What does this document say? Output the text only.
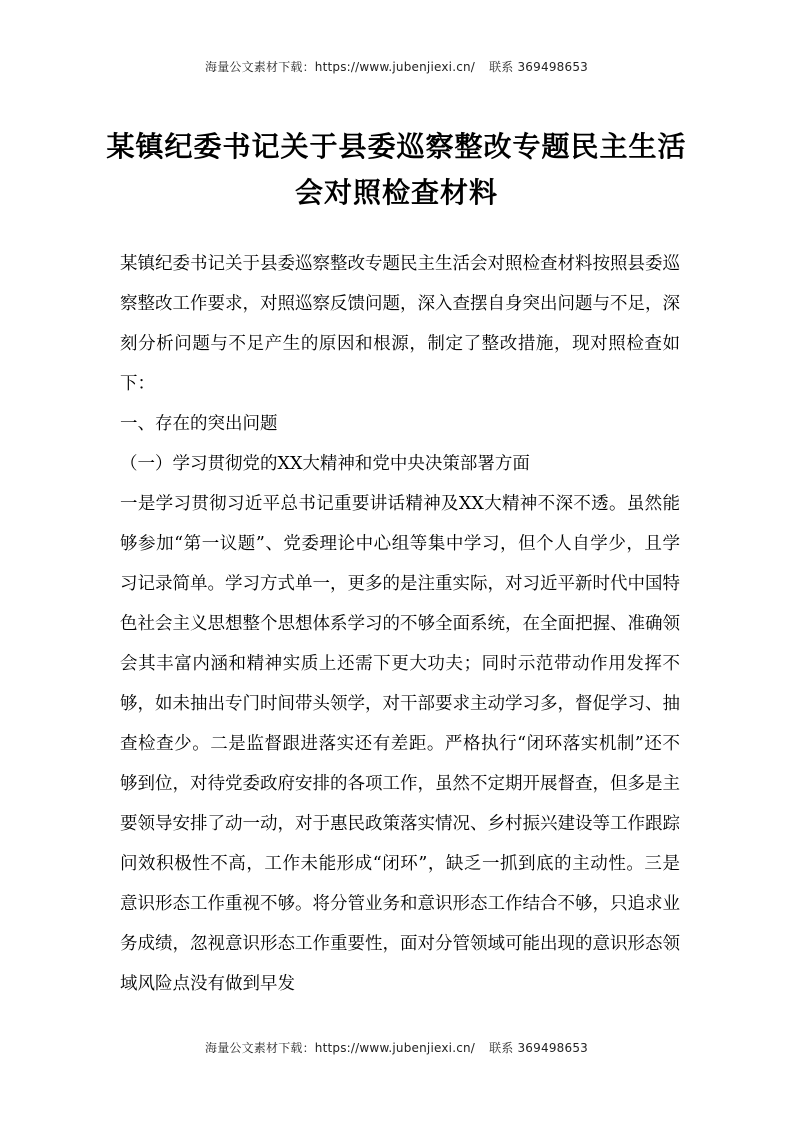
海量公文素材下载：https://www.jubenjiexi.cn/ 联系 369498653
某镇纪委书记关于县委巡察整改专题民主生活会对照检查材料

某镇纪委书记关于县委巡察整改专题民主生活会对照检查材料按照县委巡察整改工作要求，对照巡察反馈问题，深入查摆自身突出问题与不足，深刻分析问题与不足产生的原因和根源，制定了整改措施，现对照检查如下：

一、存在的突出问题

（一）学习贯彻党的XX大精神和党中央决策部署方面

一是学习贯彻习近平总书记重要讲话精神及XX大精神不深不透。虽然能够参加“第一议题”、党委理论中心组等集中学习，但个人自学少，且学习记录简单。学习方式单一，更多的是注重实际，对习近平新时代中国特色社会主义思想整个思想体系学习的不够全面系统，在全面把握、准确领会其丰富内涵和精神实质上还需下更大功夫；同时示范带动作用发挥不够，如未抽出专门时间带头领学，对干部要求主动学习多，督促学习、抽查检查少。二是监督跟进落实还有差距。严格执行“闭环落实机制”还不够到位，对待党委政府安排的各项工作，虽然不定期开展督查，但多是主要领导安排了动一动，对于惠民政策落实情况、乡村振兴建设等工作跟踪问效积极性不高，工作未能形成“闭环”，缺乏一抓到底的主动性。三是意识形态工作重视不够。将分管业务和意识形态工作结合不够，只追求业务成绩，忽视意识形态工作重要性，面对分管领域可能出现的意识形态领域风险点没有做到早发

海量公文素材下载：https://www.jubenjiexi.cn/ 联系 369498653
